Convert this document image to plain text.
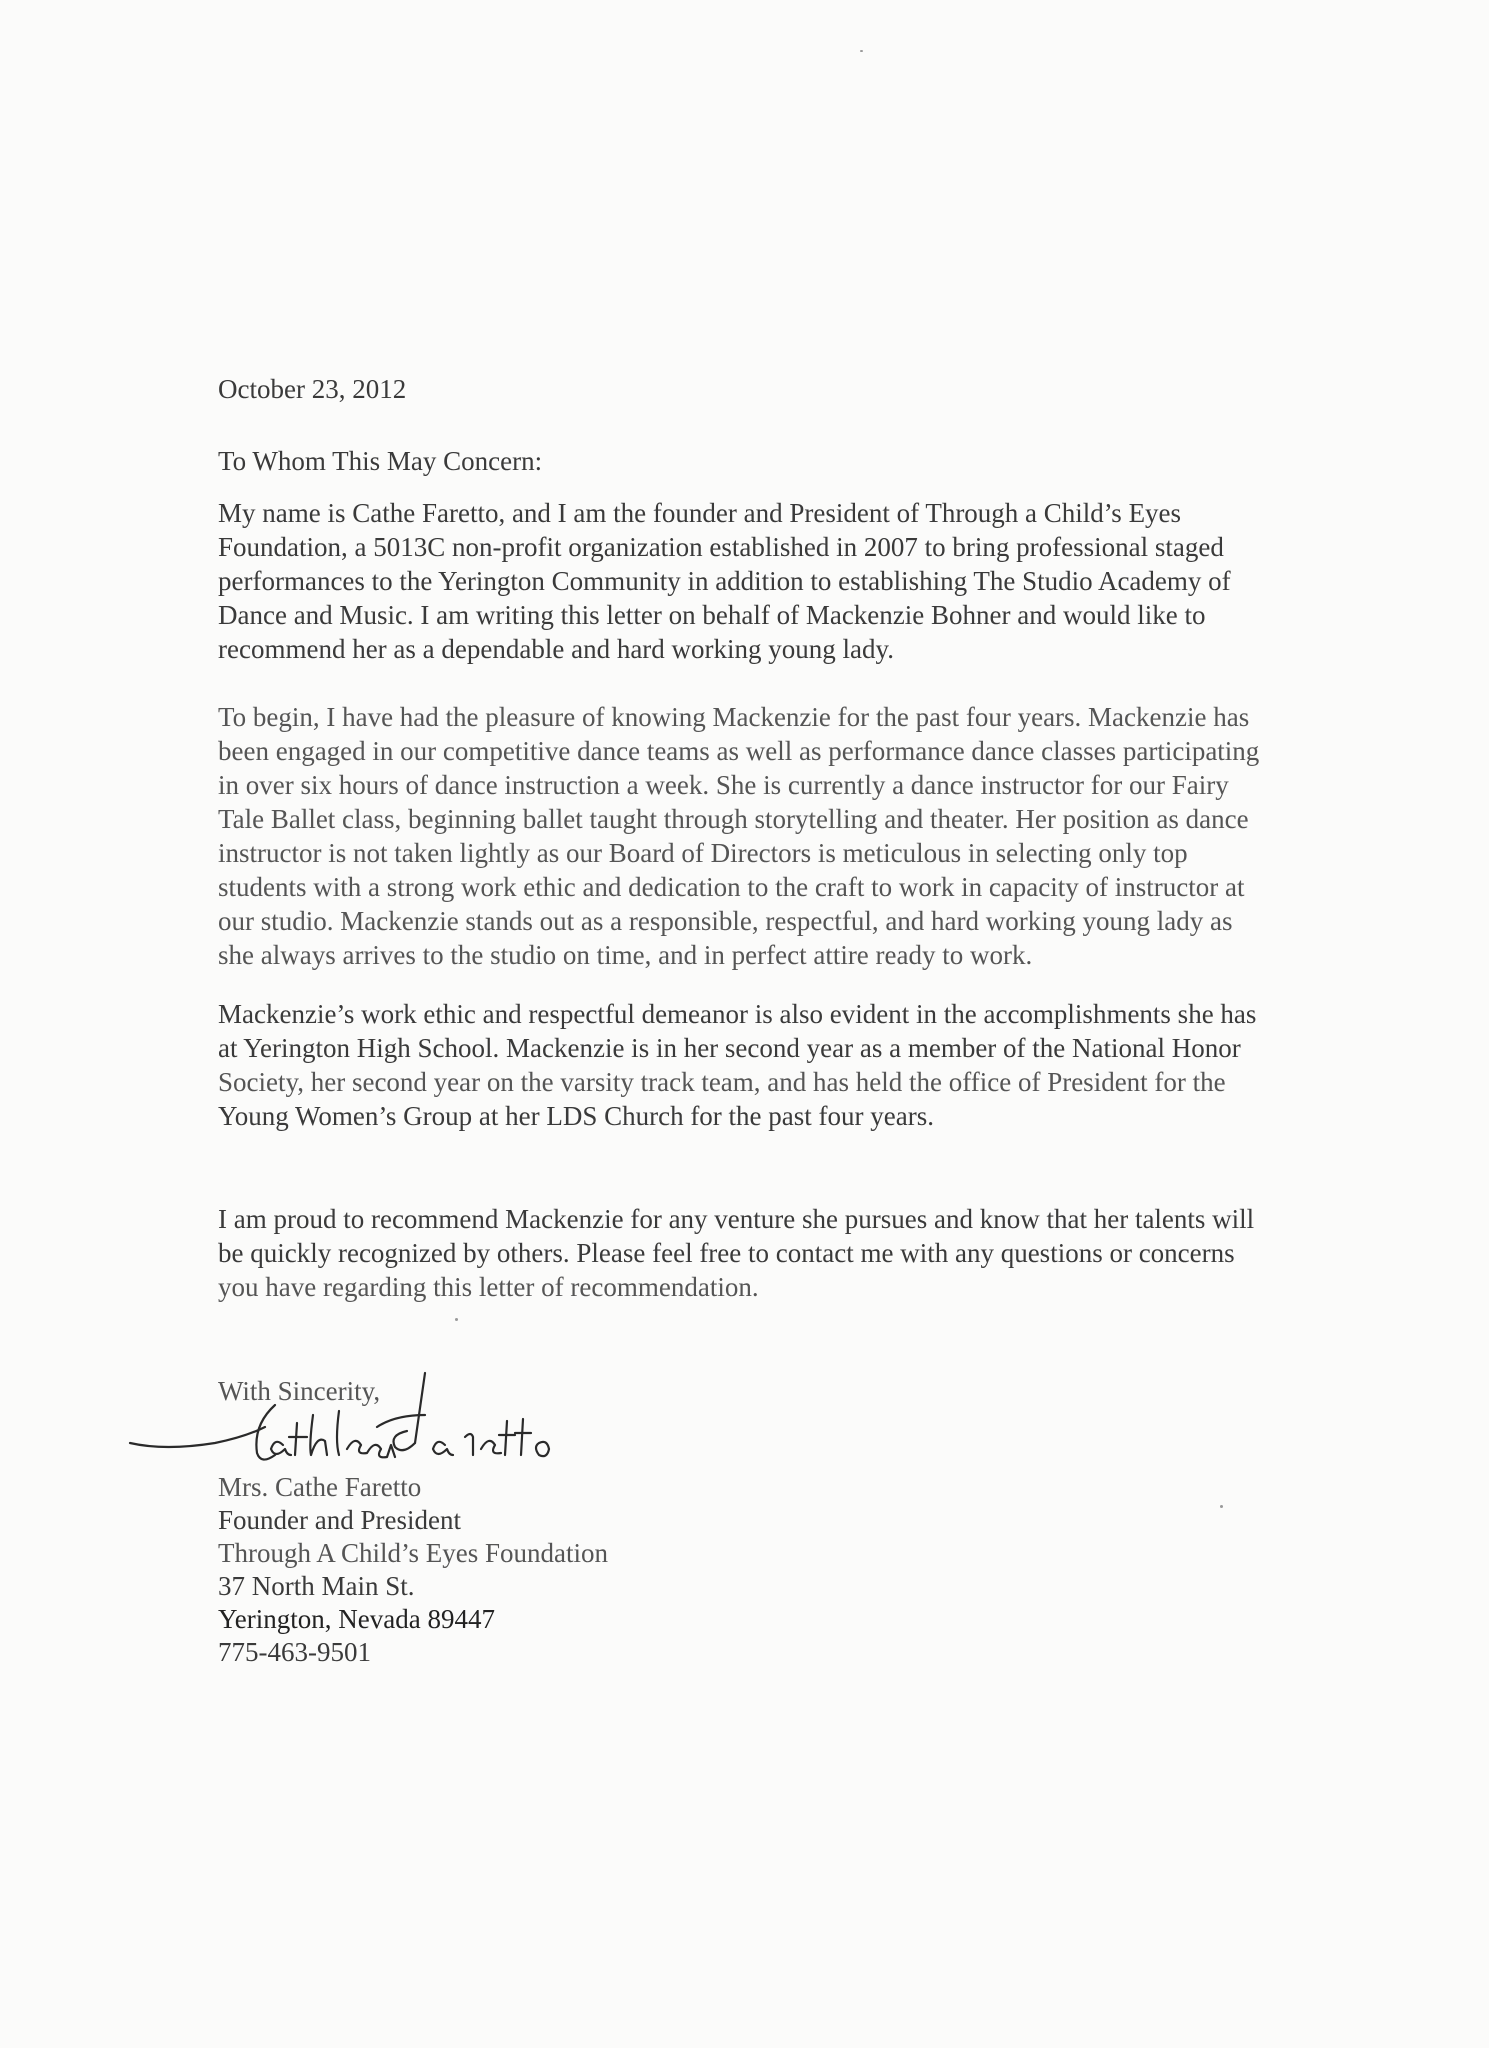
October 23, 2012
To Whom This May Concern:
My name is Cathe Faretto, and I am the founder and President of Through a Child’s Eyes
Foundation, a 5013C non-profit organization established in 2007 to bring professional staged
performances to the Yerington Community in addition to establishing The Studio Academy of
Dance and Music. I am writing this letter on behalf of Mackenzie Bohner and would like to
recommend her as a dependable and hard working young lady.
To begin, I have had the pleasure of knowing Mackenzie for the past four years. Mackenzie has
been engaged in our competitive dance teams as well as performance dance classes participating
in over six hours of dance instruction a week. She is currently a dance instructor for our Fairy
Tale Ballet class, beginning ballet taught through storytelling and theater. Her position as dance
instructor is not taken lightly as our Board of Directors is meticulous in selecting only top
students with a strong work ethic and dedication to the craft to work in capacity of instructor at
our studio. Mackenzie stands out as a responsible, respectful, and hard working young lady as
she always arrives to the studio on time, and in perfect attire ready to work.
Mackenzie’s work ethic and respectful demeanor is also evident in the accomplishments she has
at Yerington High School. Mackenzie is in her second year as a member of the National Honor
Society, her second year on the varsity track team, and has held the office of President for the
Young Women’s Group at her LDS Church for the past four years.
I am proud to recommend Mackenzie for any venture she pursues and know that her talents will
be quickly recognized by others. Please feel free to contact me with any questions or concerns
you have regarding this letter of recommendation.
With Sincerity,
Mrs. Cathe Faretto
Founder and President
Through A Child’s Eyes Foundation
37 North Main St.
Yerington, Nevada 89447
775-463-9501
